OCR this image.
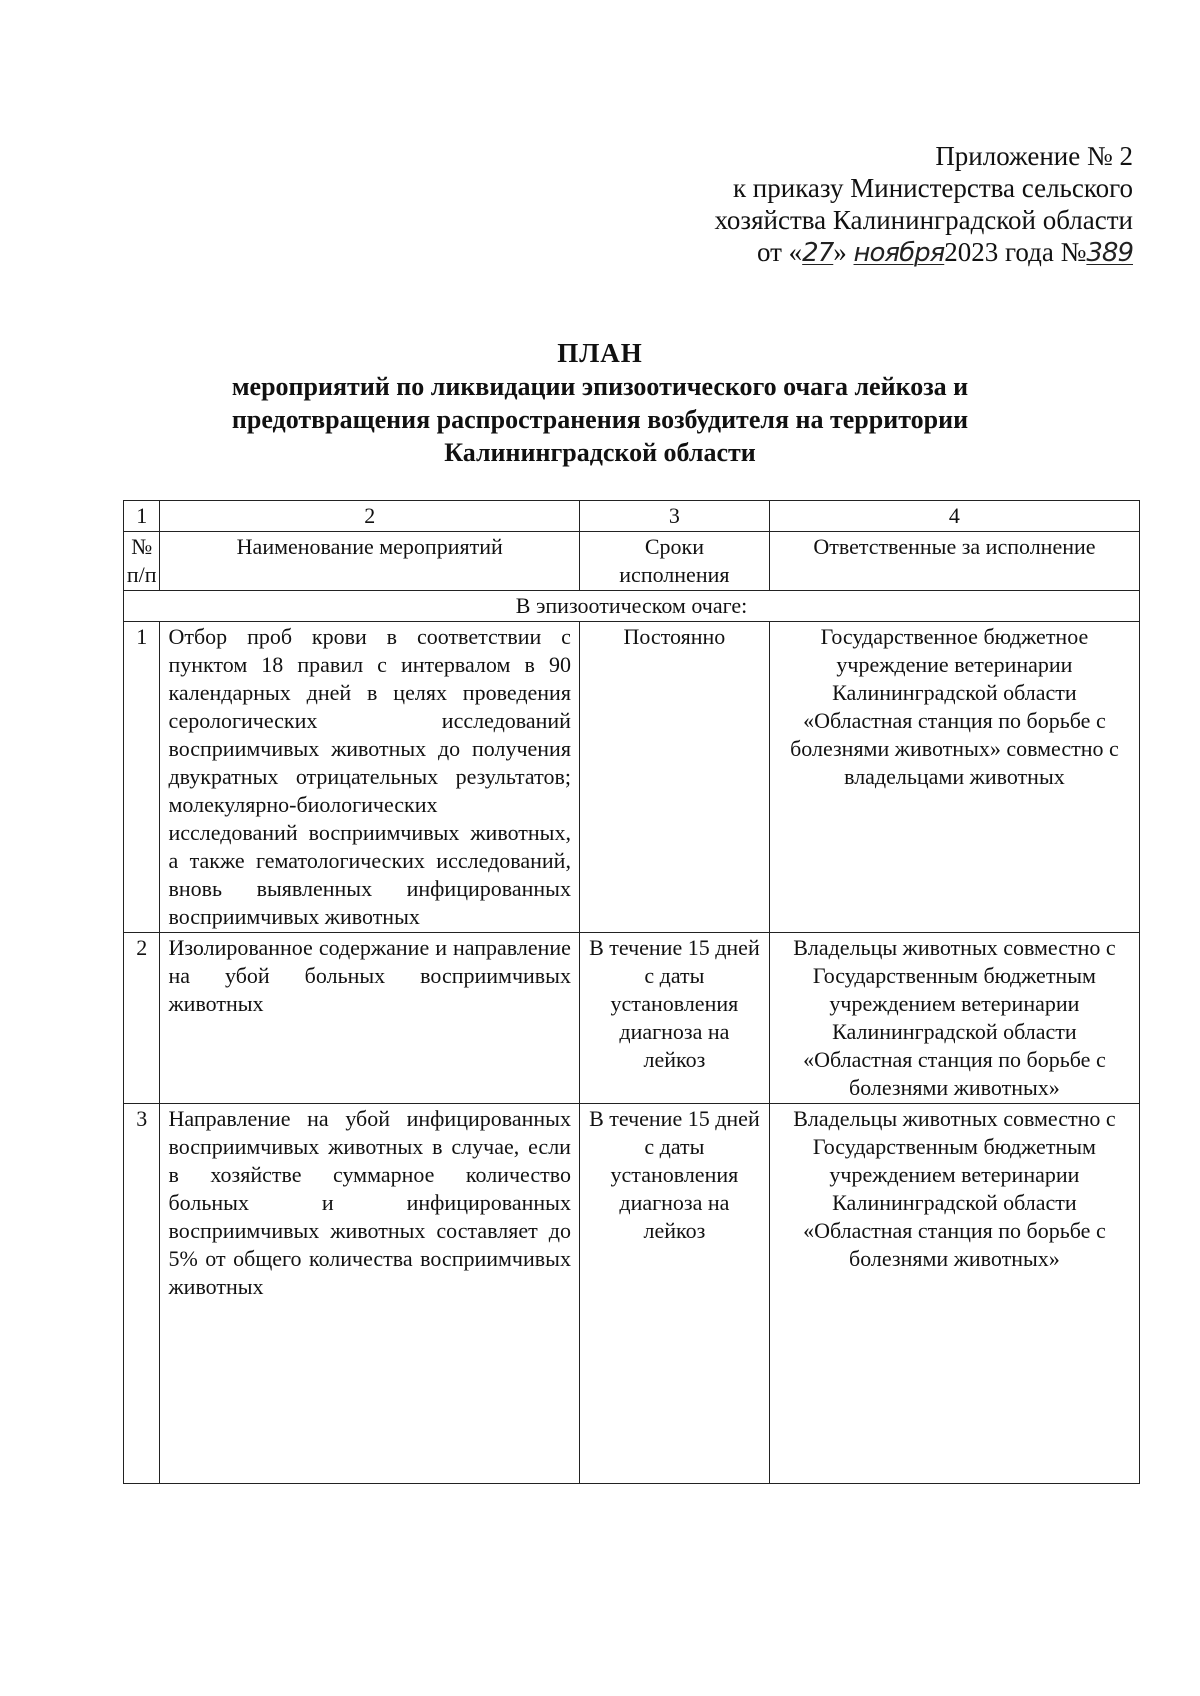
Приложение № 2
к приказу Министерства сельского
хозяйства Калининградской области
от «27» ноября2023 года №389
ПЛАН
мероприятий по ликвидации эпизоотического очага лейкоза и
предотвращения распространения возбудителя на территории
Калининградской области
1	2	3	4
№ п/п	Наименование мероприятий	Сроки исполнения	Ответственные за исполнение
В эпизоотическом очаге:			
1	Отбор проб крови в соответствии с пунктом 18 правил с интервалом в 90 календарных дней в целях проведения серологических исследований восприимчивых животных до получения двукратных отрицательных результатов; молекулярно-биологических исследований восприимчивых животных, а также гематологических исследований, вновь выявленных инфицированных восприимчивых животных	Постоянно	Государственное бюджетное учреждение ветеринарии Калининградской области «Областная станция по борьбе с болезнями животных» совместно с владельцами животных
2	Изолированное содержание и направление на убой больных восприимчивых животных	В течение 15 дней с даты установления диагноза на лейкоз	Владельцы животных совместно с Государственным бюджетным учреждением ветеринарии Калининградской области «Областная станция по борьбе с болезнями животных»
3	Направление на убой инфицированных восприимчивых животных в случае, если в хозяйстве суммарное количество больных и инфицированных восприимчивых животных составляет до 5% от общего количества восприимчивых животных	В течение 15 дней с даты установления диагноза на лейкоз	Владельцы животных совместно с Государственным бюджетным учреждением ветеринарии Калининградской области «Областная станция по борьбе с болезнями животных»
